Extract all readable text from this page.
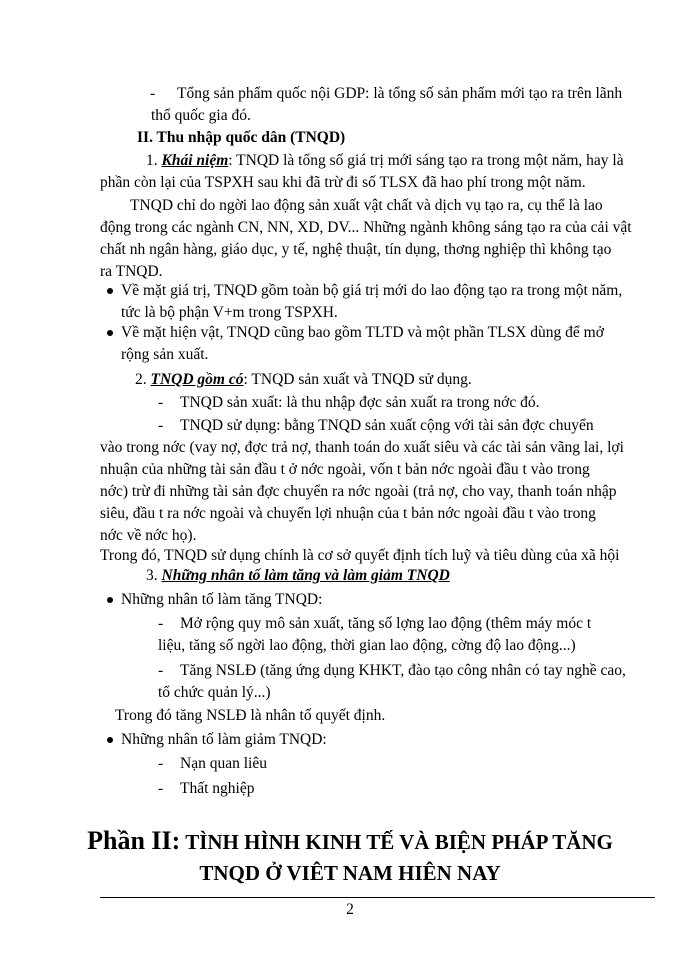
- Tổng sản phẩm quốc nội GDP: là tổng số sản phẩm mới tạo ra trên lãnh
thổ quốc gia đó.
II. Thu nhập quốc dân (TNQD)
1. Khái niệm: TNQD là tổng số giá trị mới sáng tạo ra trong một năm, hay là
phần còn lại của TSPXH sau khi đã trừ đi số TLSX đã hao phí trong một năm.
TNQD chỉ do ngời lao động sản xuất vật chất và dịch vụ tạo ra, cụ thể là lao
động trong các ngành CN, NN, XD, DV... Những ngành không sáng tạo ra của cải vật
chất nh ngân hàng, giáo dục, y tế, nghệ thuật, tín dụng, thơng nghiệp thì không tạo
ra TNQD.
Về mặt giá trị, TNQD gồm toàn bộ giá trị mới do lao động tạo ra trong một năm,
tức là bộ phận V+m trong TSPXH.
Về mặt hiện vật, TNQD cũng bao gồm TLTD và một phần TLSX dùng để mở
rộng sản xuất.
2. TNQD gồm có: TNQD sản xuất và TNQD sử dụng.
- TNQD sản xuất: là thu nhập đợc sản xuất ra trong nớc đó.
- TNQD sử dụng: bằng TNQD sản xuất cộng với tài sản đợc chuyển
vào trong nớc (vay nợ, đợc trả nợ, thanh toán do xuất siêu và các tài sản vãng lai, lợi
nhuận của những tài sản đầu t ở nớc ngoài, vốn t bản nớc ngoài đầu t vào trong
nớc) trừ đi những tài sản đợc chuyển ra nớc ngoài (trả nợ, cho vay, thanh toán nhập
siêu, đầu t ra nớc ngoài và chuyển lợi nhuận của t bản nớc ngoài đầu t vào trong
nớc về nớc họ).
Trong đó, TNQD sử dụng chính là cơ sở quyết định tích luỹ và tiêu dùng của xã hội
3. Những nhân tố làm tăng và làm giảm TNQD
Những nhân tố làm tăng TNQD:
- Mở rộng quy mô sản xuất, tăng số lợng lao động (thêm máy móc t
liệu, tăng số ngời lao động, thời gian lao động, cờng độ lao động...)
- Tăng NSLĐ (tăng ứng dụng KHKT, đào tạo công nhân có tay nghề cao,
tổ chức quản lý...)
Trong đó tăng NSLĐ là nhân tố quyết định.
Những nhân tố làm giảm TNQD:
- Nạn quan liêu
- Thất nghiệp
Phần II: TÌNH HÌNH KINH TẾ VÀ BIỆN PHÁP TĂNG
TNQD Ở VIÊT NAM HIÊN NAY
2
